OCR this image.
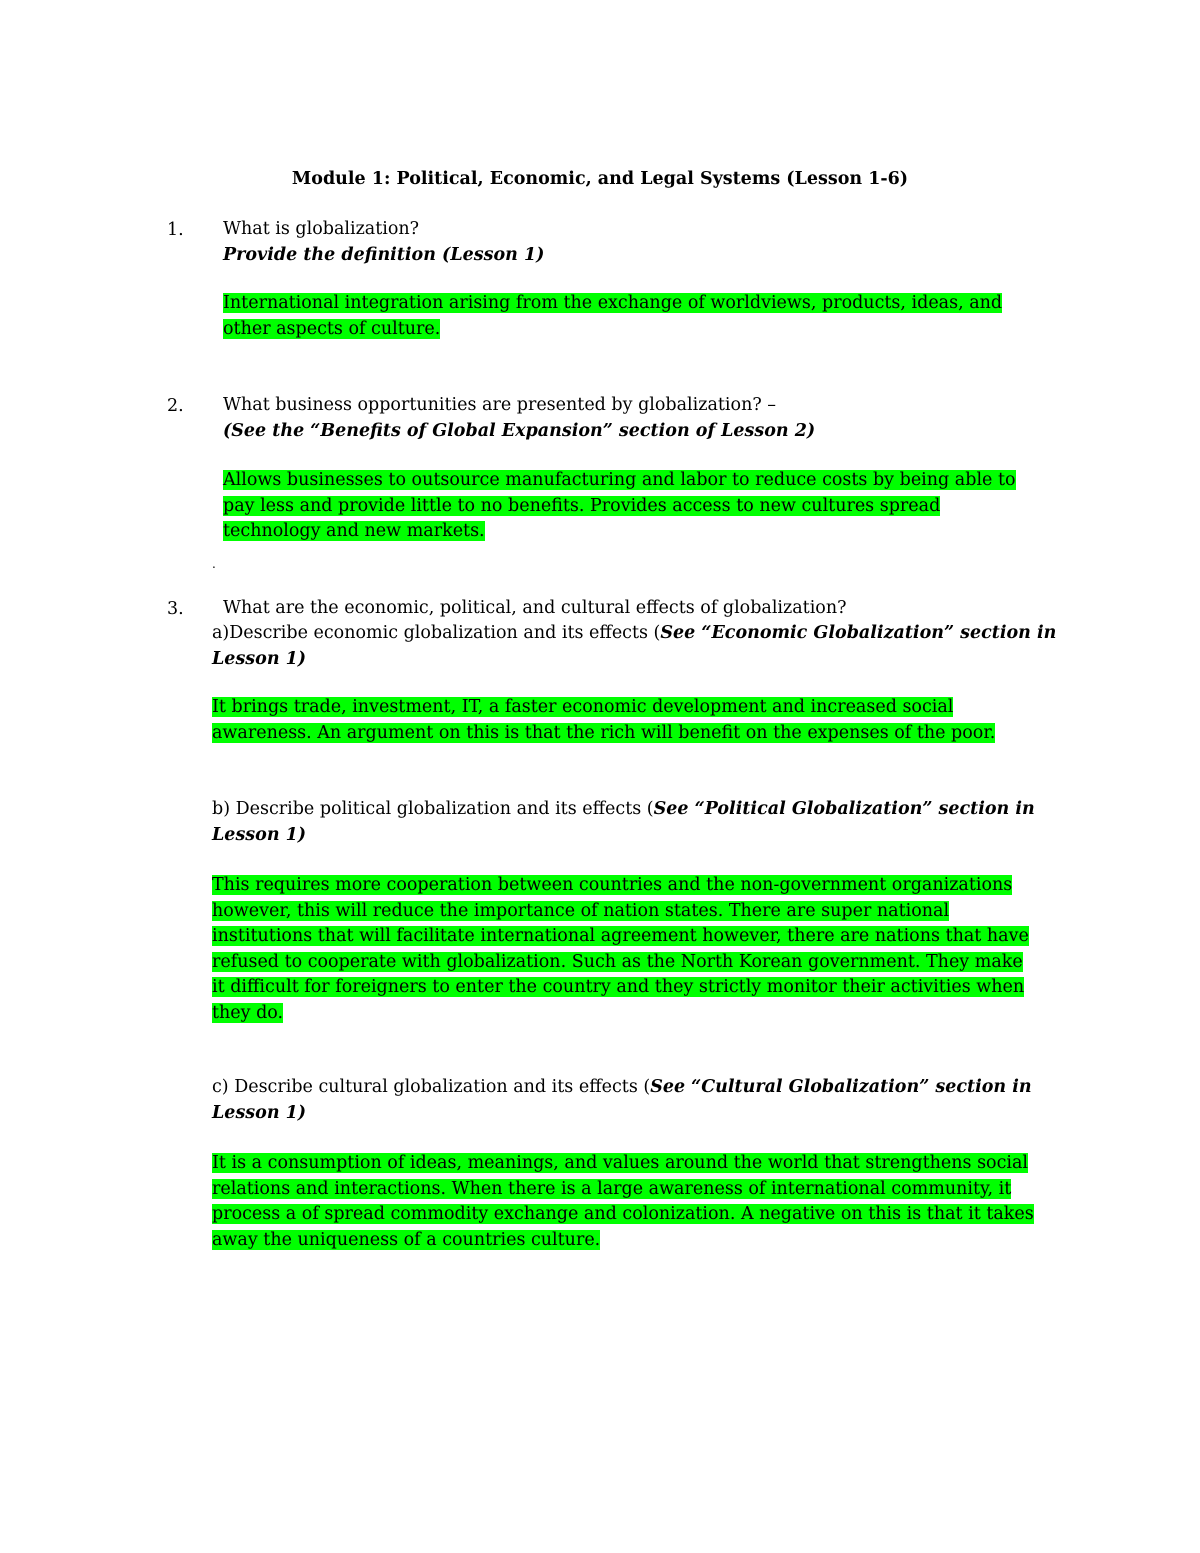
Module 1: Political, Economic, and Legal Systems (Lesson 1-6)
1. What is globalization?
Provide the definition (Lesson 1)
International integration arising from the exchange of worldviews, products, ideas, and
other aspects of culture.
2. What business opportunities are presented by globalization? –
(See the “Benefits of Global Expansion” section of Lesson 2)
Allows businesses to outsource manufacturing and labor to reduce costs by being able to
pay less and provide little to no benefits. Provides access to new cultures spread
technology and new markets.
.
3. What are the economic, political, and cultural effects of globalization?
a)Describe economic globalization and its effects (See “Economic Globalization” section in
Lesson 1)
It brings trade, investment, IT, a faster economic development and increased social
awareness. An argument on this is that the rich will benefit on the expenses of the poor.
b) Describe political globalization and its effects (See “Political Globalization” section in
Lesson 1)
This requires more cooperation between countries and the non-government organizations
however, this will reduce the importance of nation states. There are super national
institutions that will facilitate international agreement however, there are nations that have
refused to cooperate with globalization. Such as the North Korean government. They make
it difficult for foreigners to enter the country and they strictly monitor their activities when
they do.
c) Describe cultural globalization and its effects (See “Cultural Globalization” section in
Lesson 1)
It is a consumption of ideas, meanings, and values around the world that strengthens social
relations and interactions. When there is a large awareness of international community, it
process a of spread commodity exchange and colonization. A negative on this is that it takes
away the uniqueness of a countries culture.
